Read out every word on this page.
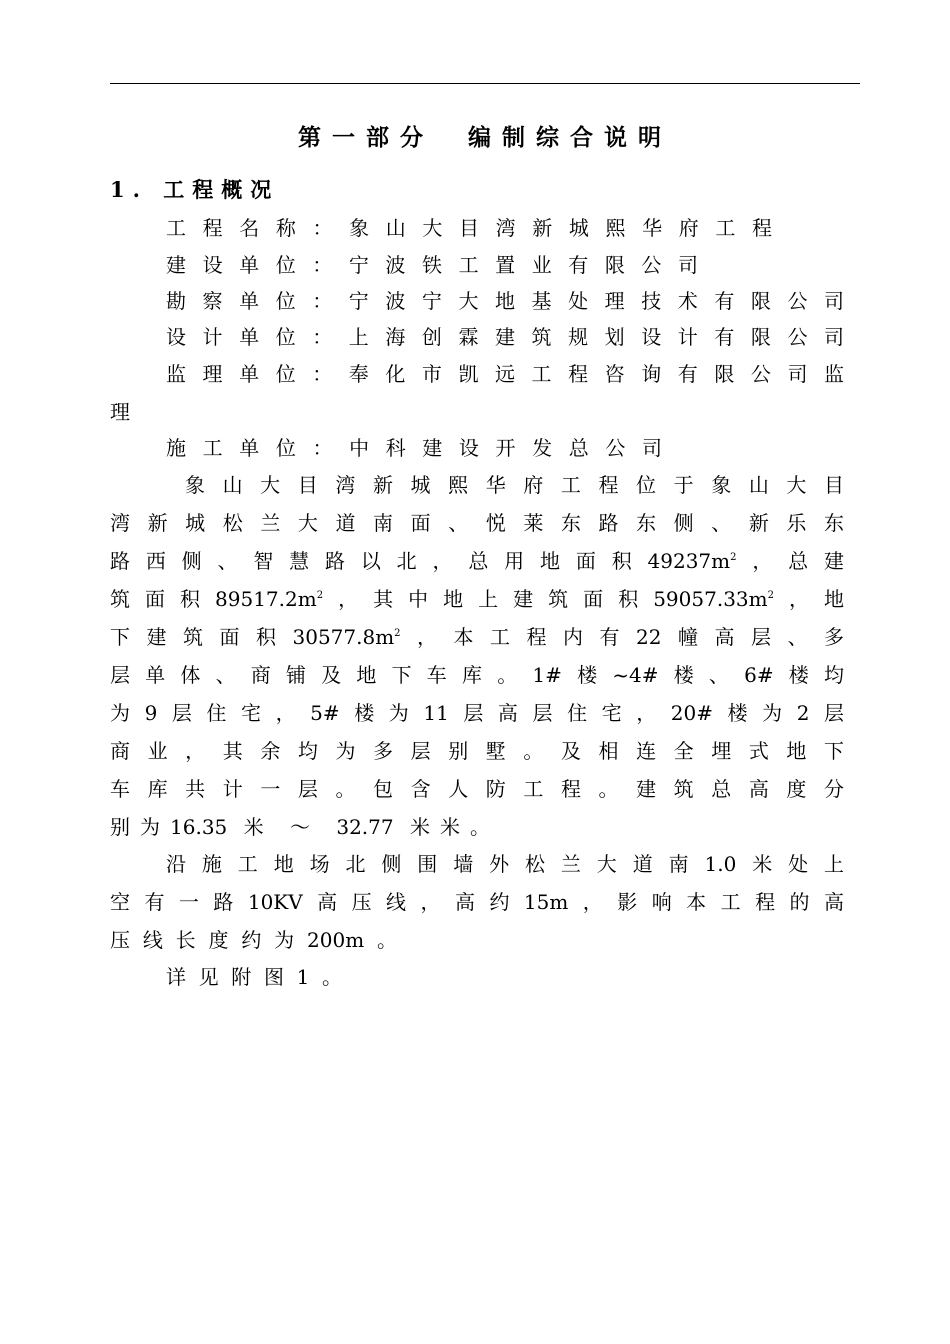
第一部分　编制综合说明
1. 工程概况
工程名称：象山大目湾新城熙华府工程
建设单位：宁波铁工置业有限公司
勘察单位：宁波宁大地基处理技术有限公司
设计单位：上海创霖建筑规划设计有限公司
监理单位：奉化市凯远工程咨询有限公司监
理
施工单位：中科建设开发总公司
象山大目湾新城熙华府工程位于象山大目
湾新城松兰大道南面、悦莱东路东侧、新乐东
路西侧、智慧路以北，总用地面积$49237m^2$，总建
筑面积$89517.2m^2$，其中地上建筑面积$59057.33m^2$，地
下建筑面积$30577.8m^2$，本工程内有22幢高层、多
层单体、商铺及地下车库。1#楼~4#楼、6#楼均
为9层住宅，5#楼为11层高层住宅，20#楼为2层
商业，其余均为多层别墅。及相连全埋式地下
车库共计一层。包含人防工程。建筑总高度分
别为16.35 米 ～ 32.77 米米。
沿施工地场北侧围墙外松兰大道南1.0米处上
空有一路10KV高压线，高约15m，影响本工程的高
压线长度约为200m。
详见附图1。
